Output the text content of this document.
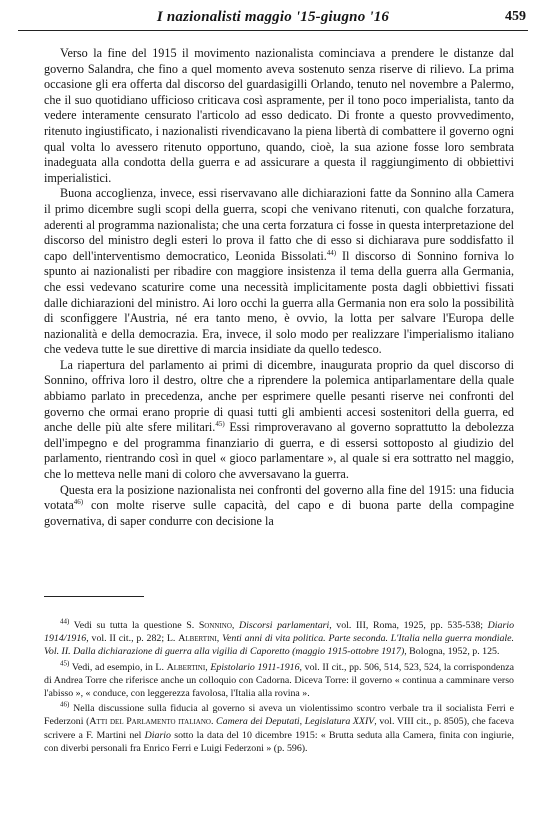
I nazionalisti maggio '15-giugno '16	459

Verso la fine del 1915 il movimento nazionalista cominciava a prendere le distanze dal governo Salandra, che fino a quel momento aveva sostenuto senza riserve di rilievo. La prima occasione gli era offerta dal discorso del guardasigilli Orlando, tenuto nel novembre a Palermo, che il suo quotidiano ufficioso criticava così aspramente, per il tono poco imperialista, tanto da vedere interamente censurato l'articolo ad esso dedicato. Di fronte a questo provvedimento, ritenuto ingiustificato, i nazionalisti rivendicavano la piena libertà di combattere il governo ogni qual volta lo avessero ritenuto opportuno, quando, cioè, la sua azione fosse loro sembrata inadeguata alla condotta della guerra e ad assicurare a questa il raggiungimento di obbiettivi imperialistici.

Buona accoglienza, invece, essi riservavano alle dichiarazioni fatte da Sonnino alla Camera il primo dicembre sugli scopi della guerra, scopi che venivano ritenuti, con qualche forzatura, aderenti al programma nazionalista; che una certa forzatura ci fosse in questa interpretazione del discorso del ministro degli esteri lo prova il fatto che di esso si dichiarava pure soddisfatto il capo dell'interventismo democratico, Leonida Bissolati.$^{44)}$ Il discorso di Sonnino forniva lo spunto ai nazionalisti per ribadire con maggiore insistenza il tema della guerra alla Germania, che essi vedevano scaturire come una necessità implicitamente posta dagli obbiettivi fissati dalle dichiarazioni del ministro. Ai loro occhi la guerra alla Germania non era solo la possibilità di sconfiggere l'Austria, né era tanto meno, è ovvio, la lotta per salvare l'Europa delle nazionalità e della democrazia. Era, invece, il solo modo per realizzare l'imperialismo italiano che vedeva tutte le sue direttive di marcia insidiate da quello tedesco.

La riapertura del parlamento ai primi di dicembre, inaugurata proprio da quel discorso di Sonnino, offriva loro il destro, oltre che a riprendere la polemica antiparlamentare della quale abbiamo parlato in precedenza, anche per esprimere quelle pesanti riserve nei confronti del governo che ormai erano proprie di quasi tutti gli ambienti accesi sostenitori della guerra, ed anche delle più alte sfere militari.$^{45)}$ Essi rimproveravano al governo soprattutto la debolezza dell'impegno e del programma finanziario di guerra, e di essersi sottoposto al giudizio del parlamento, rientrando così in quel « gioco parlamentare », al quale si era sottratto nel maggio, che lo metteva nelle mani di coloro che avversavano la guerra.

Questa era la posizione nazionalista nei confronti del governo alla fine del 1915: una fiducia votata$^{46)}$ con molte riserve sulle capacità, del capo e di buona parte della compagine governativa, di saper condurre con decisione la

$^{44)}$ Vedi su tutta la questione S. Sonnino, Discorsi parlamentari, vol. III, Roma, 1925, pp. 535-538; Diario 1914/1916, vol. II cit., p. 282; L. Albertini, Venti anni di vita politica. Parte seconda. L'Italia nella guerra mondiale. Vol. II. Dalla dichiarazione di guerra alla vigilia di Caporetto (maggio 1915-ottobre 1917), Bologna, 1952, p. 125.

$^{45)}$ Vedi, ad esempio, in L. Albertini, Epistolario 1911-1916, vol. II cit., pp. 506, 514, 523, 524, la corrispondenza di Andrea Torre che riferisce anche un colloquio con Cadorna. Diceva Torre: il governo « continua a camminare verso l'abisso », « conduce, con leggerezza favolosa, l'Italia alla rovina ».

$^{46)}$ Nella discussione sulla fiducia al governo si aveva un violentissimo scontro verbale tra il socialista Ferri e Federzoni (Atti del Parlamento italiano. Camera dei Deputati, Legislatura XXIV, vol. VIII cit., p. 8505), che faceva scrivere a F. Martini nel Diario sotto la data del 10 dicembre 1915: « Brutta seduta alla Camera, finita con ingiurie, con diverbi personali fra Enrico Ferri e Luigi Federzoni » (p. 596).
